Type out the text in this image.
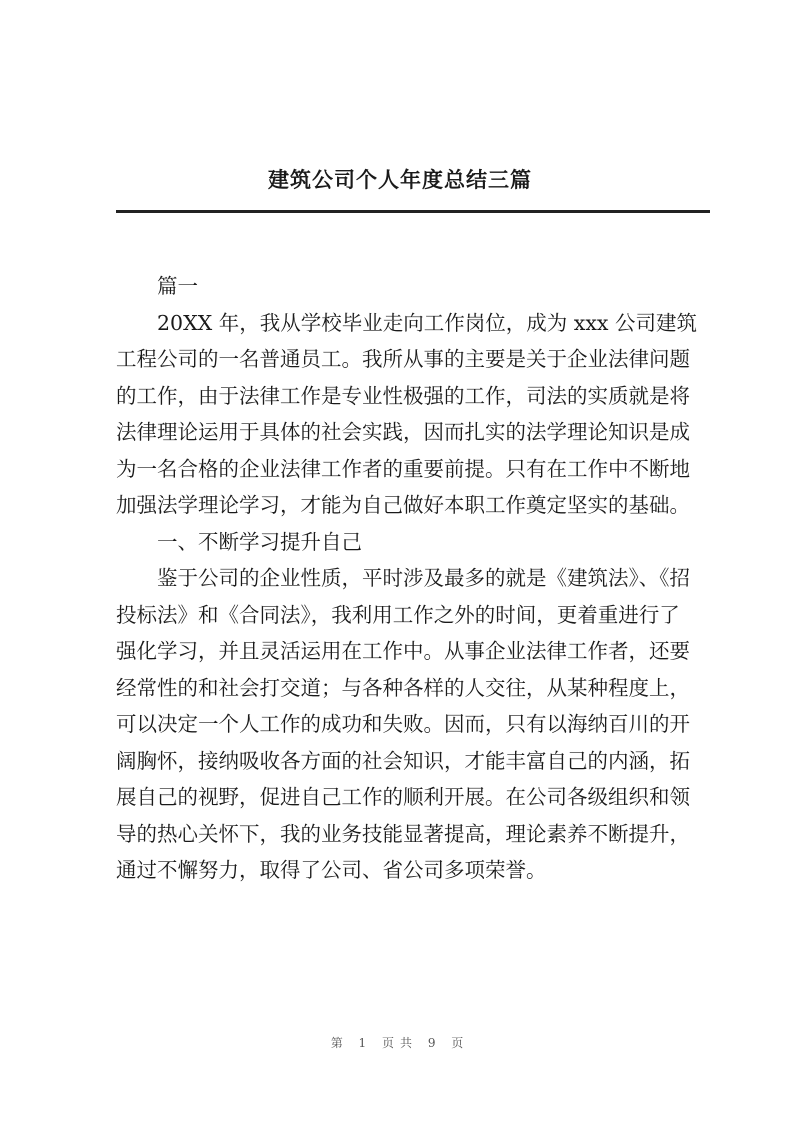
建筑公司个人年度总结三篇

篇一

20XX 年，我从学校毕业走向工作岗位，成为 xxx 公司建筑
工程公司的一名普通员工。我所从事的主要是关于企业法律问题
的工作，由于法律工作是专业性极强的工作，司法的实质就是将
法律理论运用于具体的社会实践，因而扎实的法学理论知识是成
为一名合格的企业法律工作者的重要前提。只有在工作中不断地
加强法学理论学习，才能为自己做好本职工作奠定坚实的基础。

一、不断学习提升自己

鉴于公司的企业性质，平时涉及最多的就是《建筑法》、《招
投标法》和《合同法》，我利用工作之外的时间，更着重进行了
强化学习，并且灵活运用在工作中。从事企业法律工作者，还要
经常性的和社会打交道；与各种各样的人交往，从某种程度上，
可以决定一个人工作的成功和失败。因而，只有以海纳百川的开
阔胸怀，接纳吸收各方面的社会知识，才能丰富自己的内涵，拓
展自己的视野，促进自己工作的顺利开展。在公司各级组织和领
导的热心关怀下，我的业务技能显著提高，理论素养不断提升，
通过不懈努力，取得了公司、省公司多项荣誉。

第 1 页共 9 页
